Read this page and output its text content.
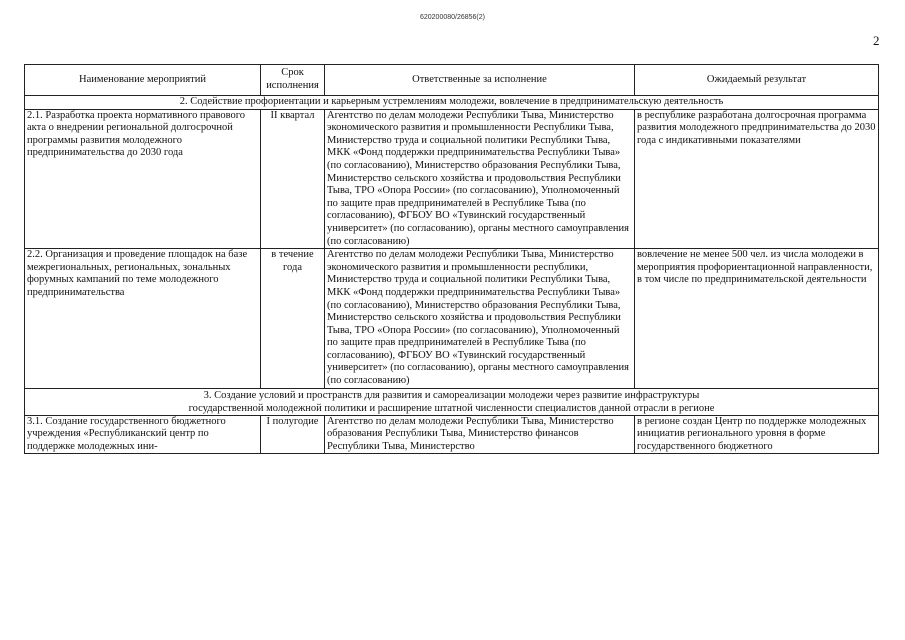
620200080/26856(2)
2
Наименование мероприятий	Срок исполнения	Ответственные за исполнение	Ожидаемый результат
2. Содействие профориентации и карьерным устремлениям молодежи, вовлечение в предпринимательскую деятельность			
2.1. Разработка проекта нормативного правового акта о внедрении региональной долгосрочной программы развития молодежного предпринимательства до 2030 года	II квартал	Агентство по делам молодежи Республики Тыва, Министерство экономического развития и промышленности Республики Тыва, Министерство труда и социальной политики Республики Тыва, МКК «Фонд поддержки предпринимательства Республики Тыва» (по согласованию), Министерство образования Республики Тыва, Министерство сельского хозяйства и продовольствия Республики Тыва, ТРО «Опора России» (по согласованию), Уполномоченный по защите прав предпринимателей в Республике Тыва (по согласованию), ФГБОУ ВО «Тувинский государственный университет» (по согласованию), органы местного самоуправления (по согласованию)	в республике разработана долгосрочная программа развития молодежного предпринимательства до 2030 года с индикативными показателями
2.2. Организация и проведение площадок на базе межрегиональных, региональных, зональных форумных кампаний по теме молодежного предпринимательства	в течение года	Агентство по делам молодежи Республики Тыва, Министерство экономического развития и промышленности республики, Министерство труда и социальной политики Республики Тыва, МКК «Фонд поддержки предпринимательства Республики Тыва» (по согласованию), Министерство образования Республики Тыва, Министерство сельского хозяйства и продовольствия Республики Тыва, ТРО «Опора России» (по согласованию), Уполномоченный по защите прав предпринимателей в Республике Тыва (по согласованию), ФГБОУ ВО «Тувинский государственный университет» (по согласованию), органы местного самоуправления (по согласованию)	вовлечение не менее 500 чел. из числа молодежи в мероприятия профориентационной направленности, в том числе по предпринимательской деятельности

3. Создание условий и пространств для развития и самореализации молодежи через развитие инфраструктуры
государственной молодежной политики и расширение штатной численности специалистов данной отрасли в регионе			

3.1. Создание государственного бюджетного учреждения «Республиканский центр по поддержке молодежных ини-	I полугодие	Агентство по делам молодежи Республики Тыва, Министерство образования Республики Тыва, Министерство финансов Республики Тыва, Министерство	в регионе создан Центр по поддержке молодежных инициатив регионального уровня в форме государственного бюджетного
